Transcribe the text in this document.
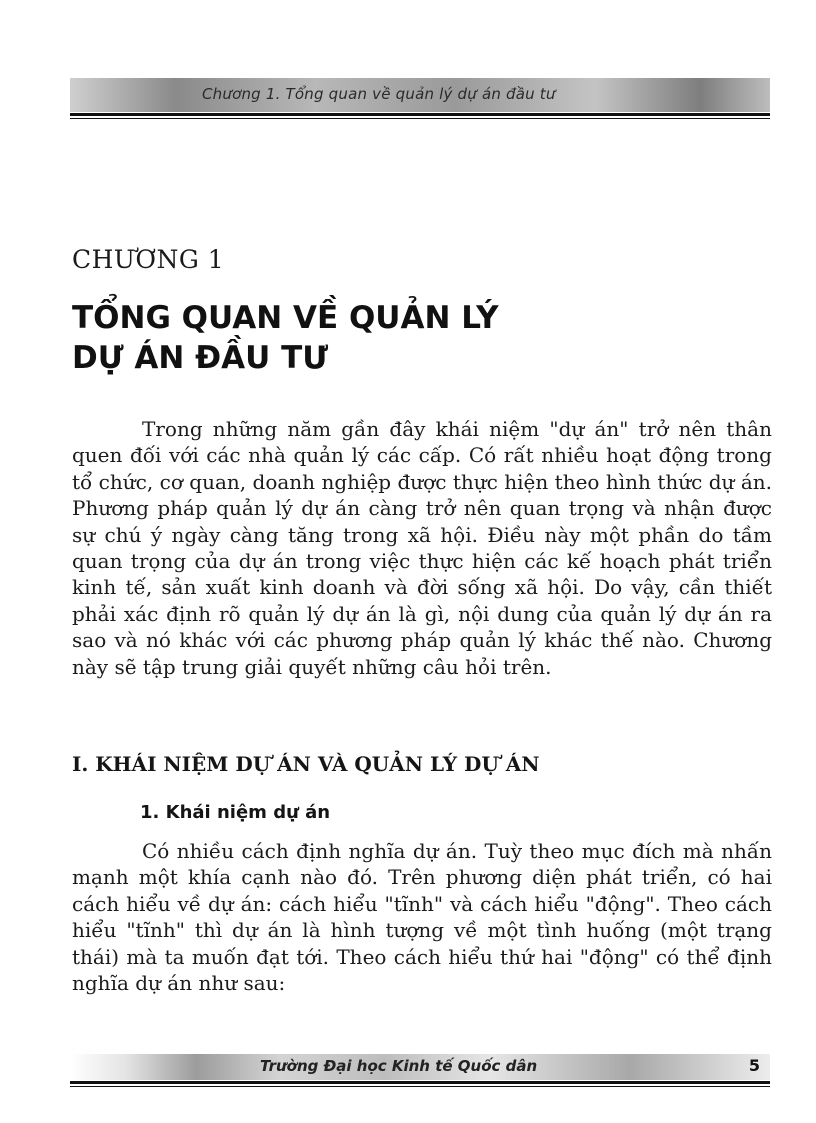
Chương 1. Tổng quan về quản lý dự án đầu tư
CHƯƠNG 1
TỔNG QUAN VỀ QUẢN LÝ
DỰ ÁN ĐẦU TƯ

Trong những năm gần đây khái niệm "dự án" trở nên thân quen đối với các nhà quản lý các cấp. Có rất nhiều hoạt động trong tổ chức, cơ quan, doanh nghiệp được thực hiện theo hình thức dự án. Phương pháp quản lý dự án càng trở nên quan trọng và nhận được sự chú ý ngày càng tăng trong xã hội. Điều này một phần do tầm quan trọng của dự án trong việc thực hiện các kế hoạch phát triển kinh tế, sản xuất kinh doanh và đời sống xã hội. Do vậy, cần thiết phải xác định rõ quản lý dự án là gì, nội dung của quản lý dự án ra sao và nó khác với các phương pháp quản lý khác thế nào. Chương này sẽ tập trung giải quyết những câu hỏi trên.

I. KHÁI NIỆM DỰ ÁN VÀ QUẢN LÝ DỰ ÁN
1. Khái niệm dự án

Có nhiều cách định nghĩa dự án. Tuỳ theo mục đích mà nhấn mạnh một khía cạnh nào đó. Trên phương diện phát triển, có hai cách hiểu về dự án: cách hiểu "tĩnh" và cách hiểu "động". Theo cách hiểu "tĩnh" thì dự án là hình tượng về một tình huống (một trạng thái) mà ta muốn đạt tới. Theo cách hiểu thứ hai "động" có thể định nghĩa dự án như sau:

Trường Đại học Kinh tế Quốc dân	5
